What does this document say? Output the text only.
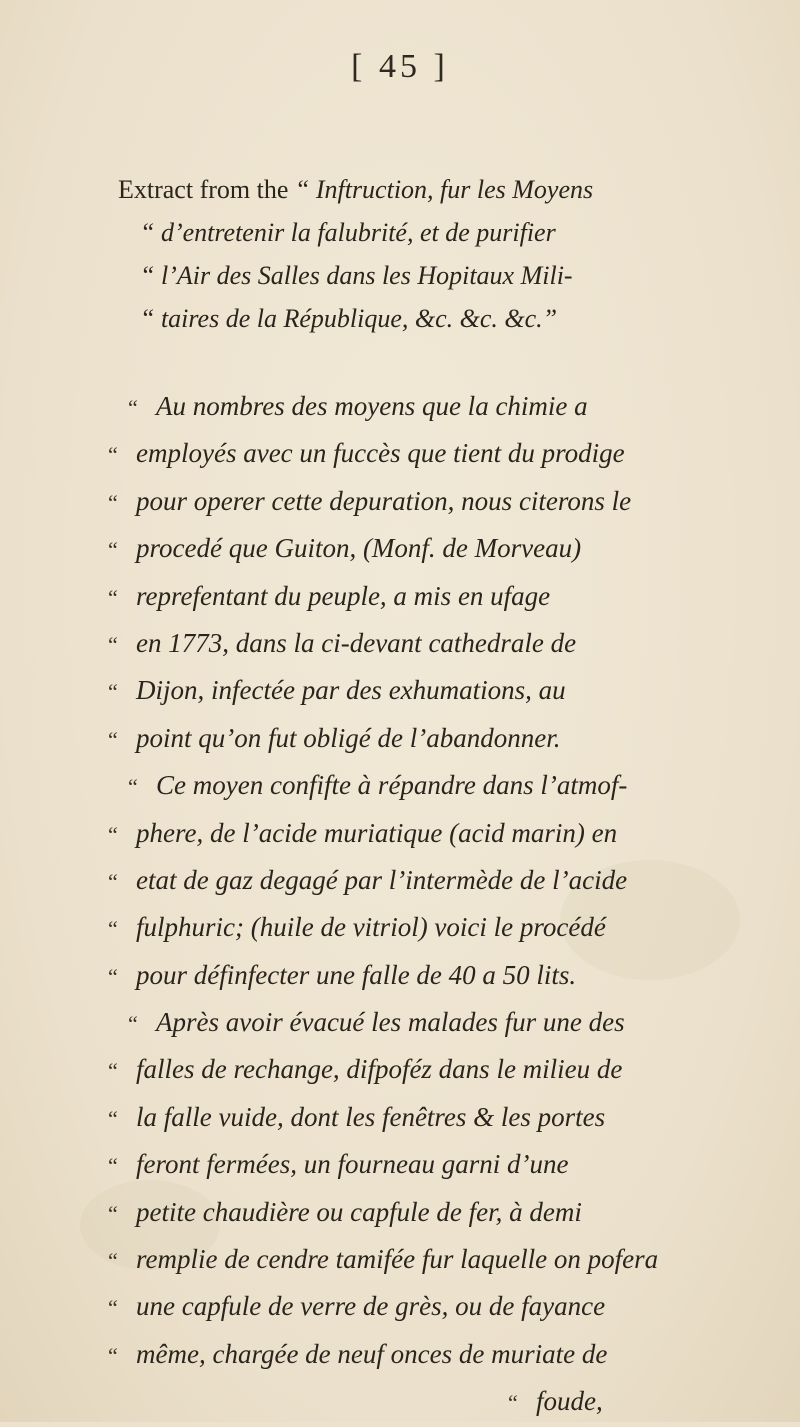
[ 45 ]
Extract from the “ Inftruction, fur les Moyens
“ d’entretenir la falubrité, et de purifier
“ l’Air des Salles dans les Hopitaux Mili-
“ taires de la République, &c. &c. &c.”
“ Au nombres des moyens que la chimie a
“ employés avec un fuccès que tient du prodige
“ pour operer cette depuration, nous citerons le
“ procedé que Guiton, (Monf. de Morveau)
“ reprefentant du peuple, a mis en ufage
“ en 1773, dans la ci-devant cathedrale de
“ Dijon, infectée par des exhumations, au
“ point qu’on fut obligé de l’abandonner.
“ Ce moyen confifte à répandre dans l’atmof-
“ phere, de l’acide muriatique (acid marin) en
“ etat de gaz degagé par l’intermède de l’acide
“ fulphuric; (huile de vitriol) voici le procédé
“ pour définfecter une falle de 40 a 50 lits.
“ Après avoir évacué les malades fur une des
“ falles de rechange, difpoféz dans le milieu de
“ la falle vuide, dont les fenêtres & les portes
“ feront fermées, un fourneau garni d’une
“ petite chaudière ou capfule de fer, à demi
“ remplie de cendre tamifée fur laquelle on pofera
“ une capfule de verre de grès, ou de fayance
“ même, chargée de neuf onces de muriate de
“ foude,
